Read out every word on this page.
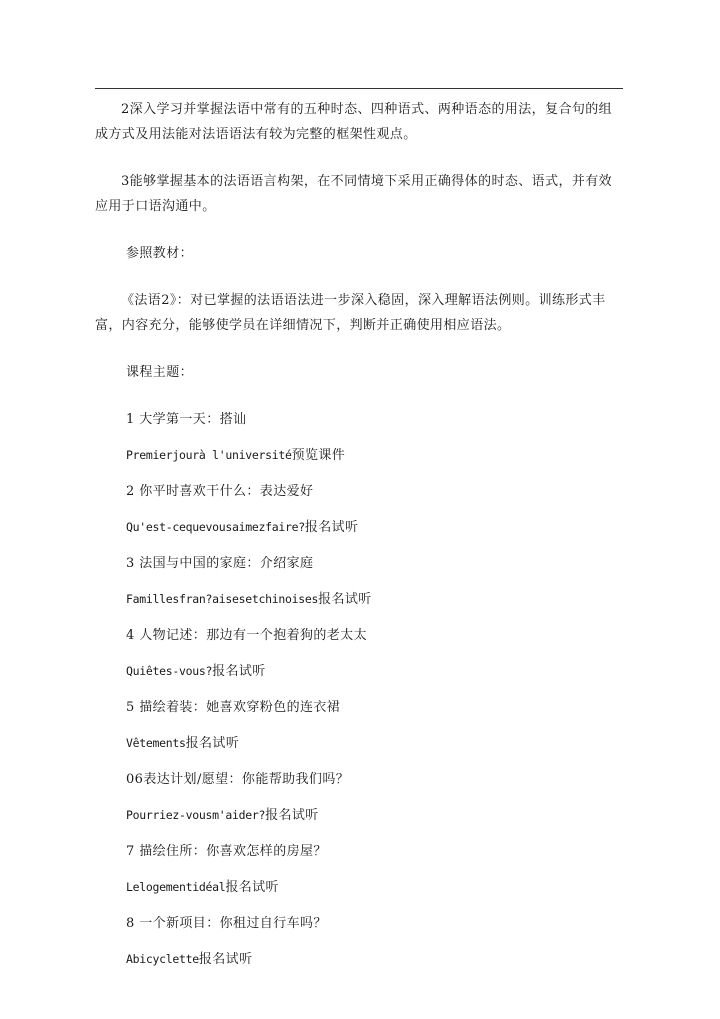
2深入学习并掌握法语中常有的五种时态、四种语式、两种语态的用法，复合句的组成方式及用法能对法语语法有较为完整的框架性观点。

3能够掌握基本的法语语言构架，在不同情境下采用正确得体的时态、语式，并有效应用于口语沟通中。

参照教材：

《法语2》：对已掌握的法语语法进一步深入稳固，深入理解语法例则。训练形式丰富，内容充分，能够使学员在详细情况下，判断并正确使用相应语法。

课程主题：

1 大学第一天：搭讪
Premierjourà l'université预览课件
2 你平时喜欢干什么：表达爱好
Qu'est-cequevousaimezfaire?报名试听
3 法国与中国的家庭：介绍家庭
Famillesfran?aisesetchinoises报名试听
4 人物记述：那边有一个抱着狗的老太太
Quiêtes-vous?报名试听
5 描绘着装：她喜欢穿粉色的连衣裙
Vêtements报名试听
06表达计划/愿望：你能帮助我们吗？
Pourriez-vousm'aider?报名试听
7 描绘住所：你喜欢怎样的房屋？
Lelogementidéal报名试听
8 一个新项目：你租过自行车吗？
Abicyclette报名试听
